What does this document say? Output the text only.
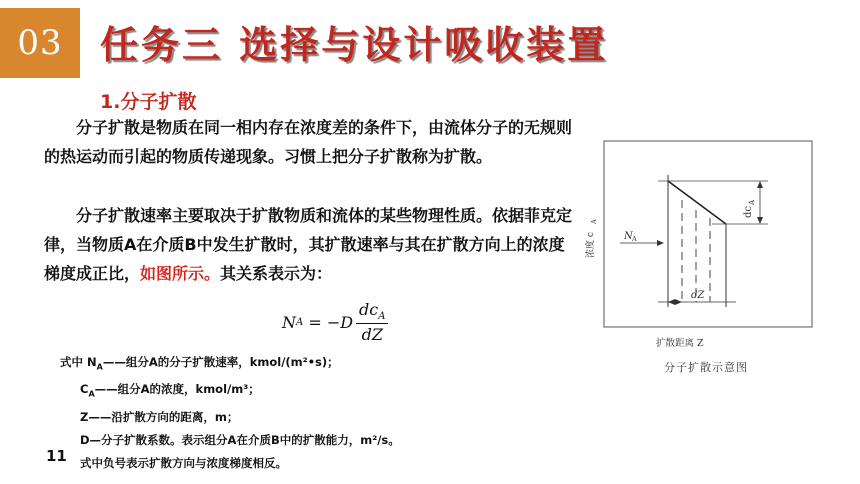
03 任务三 选择与设计吸收装置
1.分子扩散
分子扩散是物质在同一相内存在浓度差的条件下，由流体分子的无规则的热运动而引起的物质传递现象。习惯上把分子扩散称为扩散。
分子扩散速率主要取决于扩散物质和流体的某些物理性质。依据菲克定律，当物质A在介质B中发生扩散时，其扩散速率与其在扩散方向上的浓度梯度成正比，如图所示。其关系表示为：
N $A = -D \frac{dc_A}{dZ}$
式中 $N_A——$组分A的分子扩散速率，kmol/(m²•s)；
$C_A——$组分A的浓度，kmol/m³；
Z——沿扩散方向的距离，m；
D—分子扩散系数。表示组分A在介质B中的扩散能力，m²/s。
式中负号表示扩散方向与浓度梯度相反。
11
浓度 c
A
dc
A
N A
dZ
扩散距离 Z
分子扩散示意图
